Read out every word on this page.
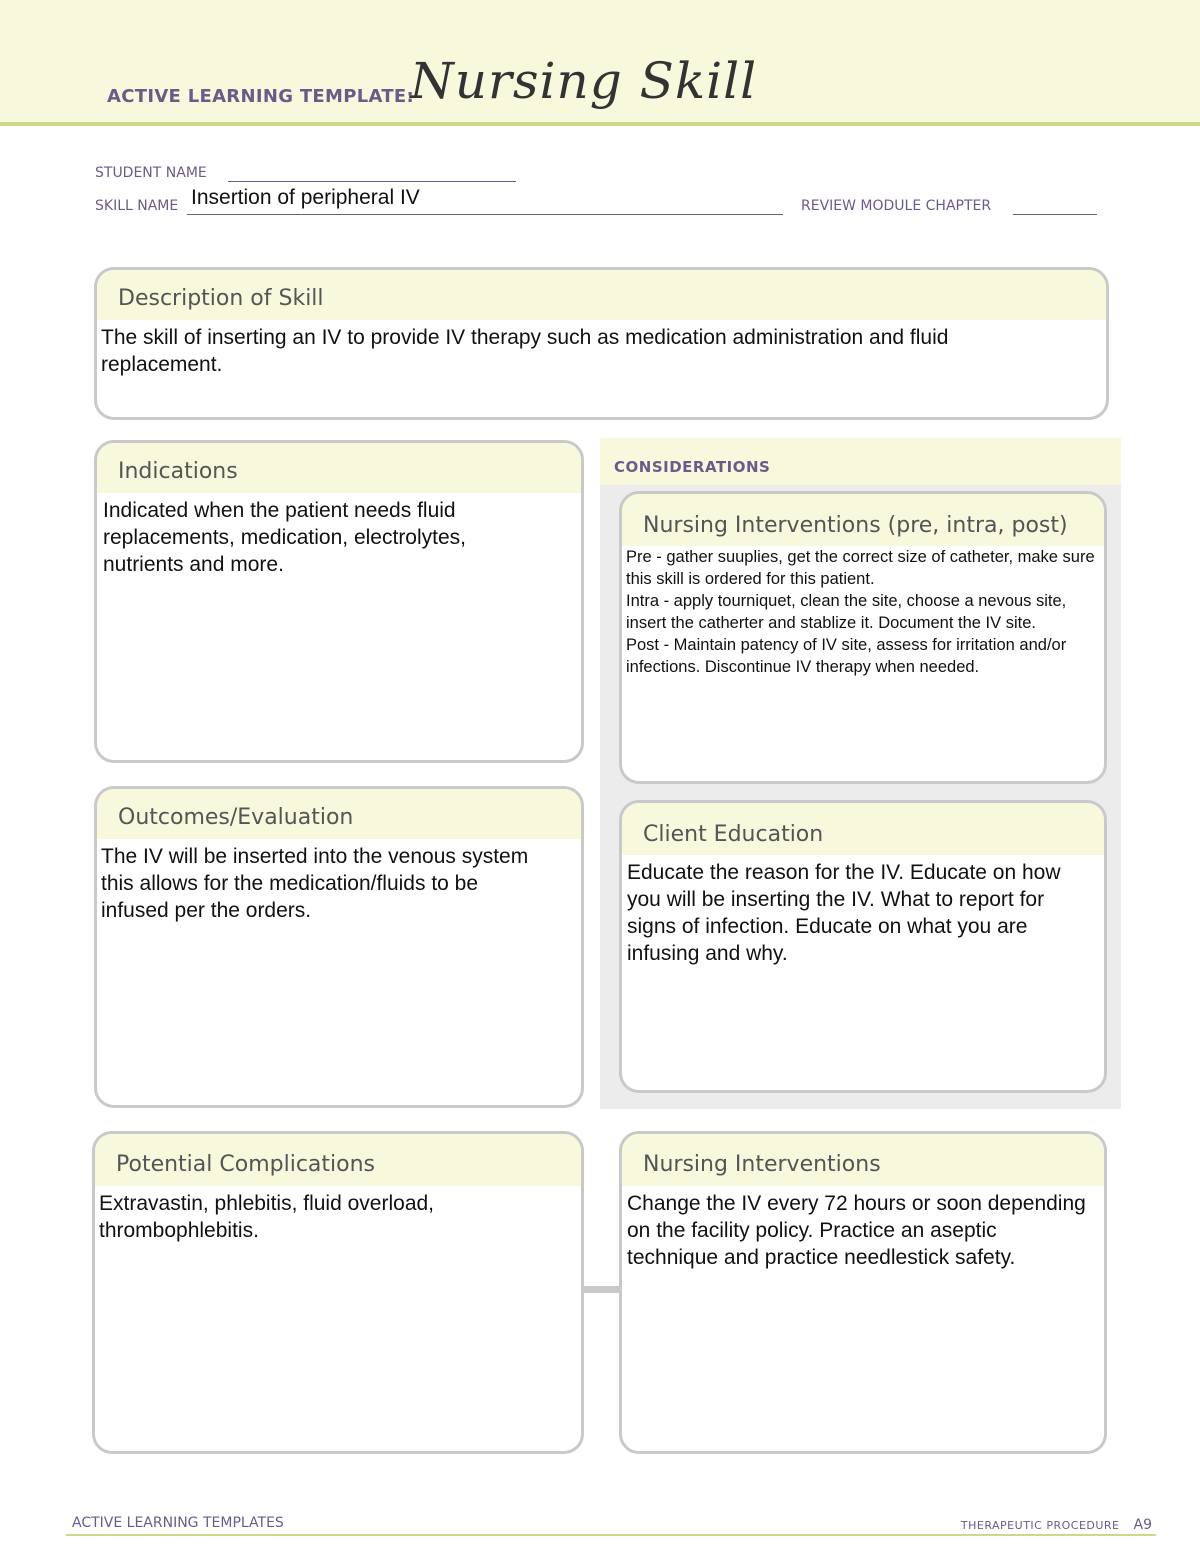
ACTIVE LEARNING TEMPLATE:
Nursing Skill
STUDENT NAME
SKILL NAME Insertion of peripheral IV	REVIEW MODULE CHAPTER
Description of Skill
The skill of inserting an IV to provide IV therapy such as medication administration and fluid replacement.
Indications
Indicated when the patient needs fluid replacements, medication, electrolytes, nutrients and more.
Outcomes/Evaluation
The IV will be inserted into the venous system this allows for the medication/fluids to be infused per the orders.
CONSIDERATIONS
Nursing Interventions (pre, intra, post)
Pre - gather suuplies, get the correct size of catheter, make sure this skill is ordered for this patient.
Intra - apply tourniquet, clean the site, choose a nevous site, insert the catherter and stablize it. Document the IV site.
Post - Maintain patency of IV site, assess for irritation and/or infections. Discontinue IV therapy when needed.
Client Education
Educate the reason for the IV. Educate on how you will be inserting the IV. What to report for signs of infection. Educate on what you are infusing and why.
Potential Complications
Extravastin, phlebitis, fluid overload, thrombophlebitis.
Nursing Interventions
Change the IV every 72 hours or soon depending on the facility policy. Practice an aseptic technique and practice needlestick safety.
ACTIVE LEARNING TEMPLATES	THERAPEUTIC PROCEDURE A9
